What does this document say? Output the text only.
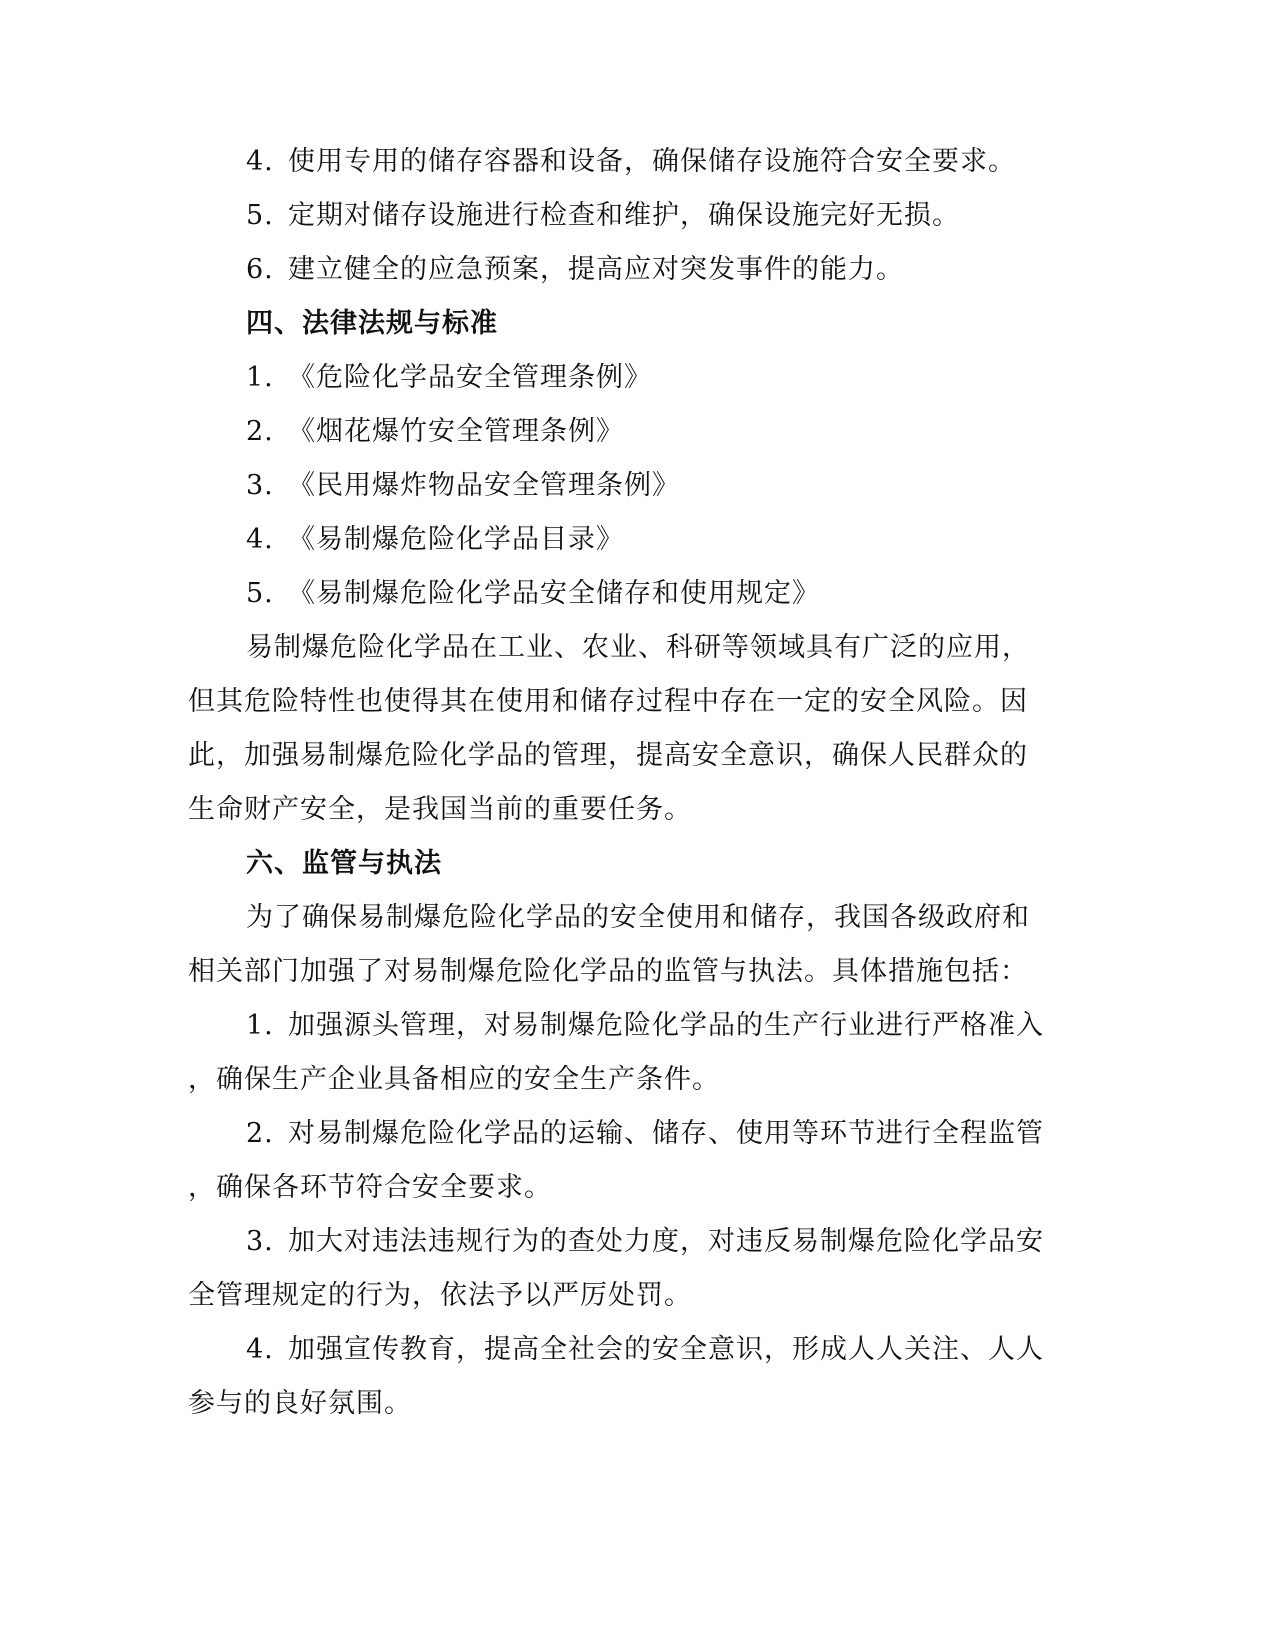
4. 使用专用的储存容器和设备，确保储存设施符合安全要求。
5. 定期对储存设施进行检查和维护，确保设施完好无损。
6. 建立健全的应急预案，提高应对突发事件的能力。
四、法律法规与标准
1. 《危险化学品安全管理条例》
2. 《烟花爆竹安全管理条例》
3. 《民用爆炸物品安全管理条例》
4. 《易制爆危险化学品目录》
5. 《易制爆危险化学品安全储存和使用规定》
易制爆危险化学品在工业、农业、科研等领域具有广泛的应用，
但其危险特性也使得其在使用和储存过程中存在一定的安全风险。因
此，加强易制爆危险化学品的管理，提高安全意识，确保人民群众的
生命财产安全，是我国当前的重要任务。
六、监管与执法
为了确保易制爆危险化学品的安全使用和储存，我国各级政府和
相关部门加强了对易制爆危险化学品的监管与执法。具体措施包括：
1. 加强源头管理，对易制爆危险化学品的生产行业进行严格准入
，确保生产企业具备相应的安全生产条件。
2. 对易制爆危险化学品的运输、储存、使用等环节进行全程监管
，确保各环节符合安全要求。
3. 加大对违法违规行为的查处力度，对违反易制爆危险化学品安
全管理规定的行为，依法予以严厉处罚。
4. 加强宣传教育，提高全社会的安全意识，形成人人关注、人人
参与的良好氛围。
